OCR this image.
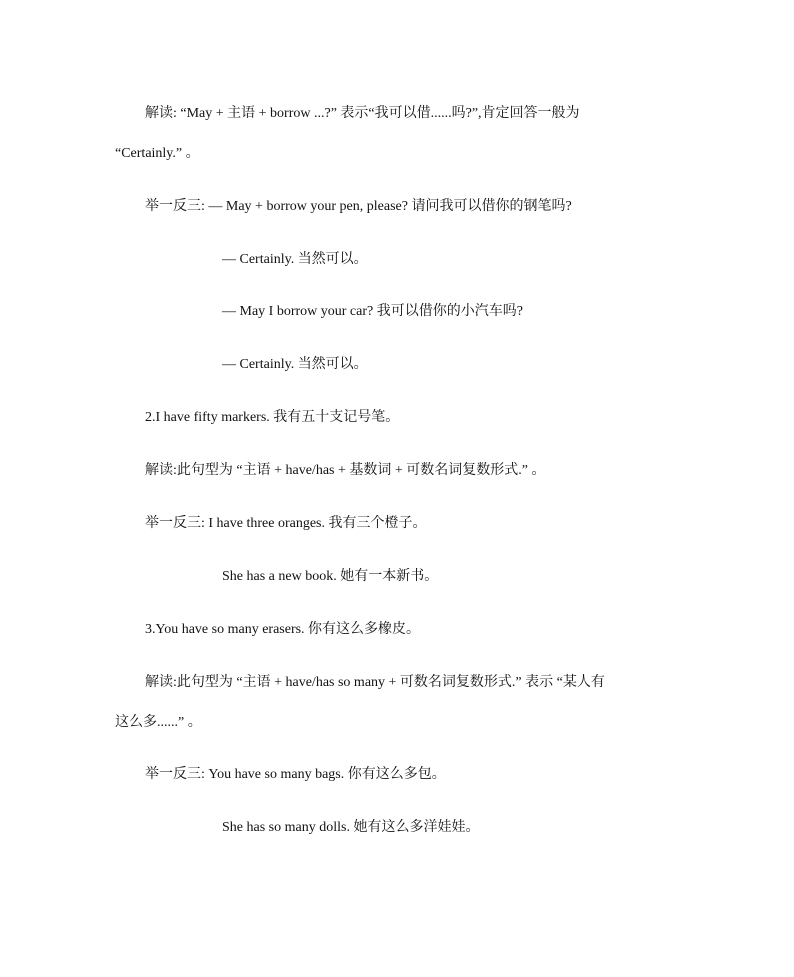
解读: “May + 主语 + borrow ...?” 表示“我可以借......吗?”,肯定回答一般为
“Certainly.” 。
举一反三: — May + borrow your pen, please? 请问我可以借你的钢笔吗?
— Certainly. 当然可以。
— May I borrow your car? 我可以借你的小汽车吗?
— Certainly. 当然可以。
2.I have fifty markers. 我有五十支记号笔。
解读:此句型为 “主语 + have/has + 基数词 + 可数名词复数形式.” 。
举一反三: I have three oranges. 我有三个橙子。
She has a new book. 她有一本新书。
3.You have so many erasers. 你有这么多橡皮。
解读:此句型为 “主语 + have/has so many + 可数名词复数形式.” 表示 “某人有
这么多......” 。
举一反三: You have so many bags. 你有这么多包。
She has so many dolls. 她有这么多洋娃娃。
